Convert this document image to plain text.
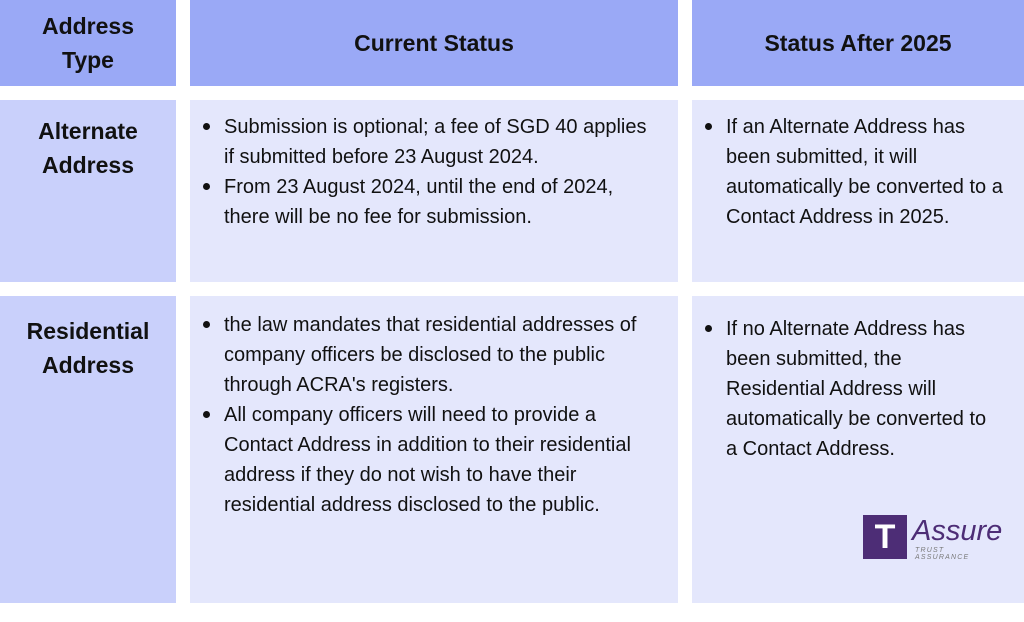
Address
Type
Current Status	Status After 2025
Alternate
Address
Submission is optional; a fee of SGD 40 applies if submitted before 23 August 2024.
From 23 August 2024, until the end of 2024, there will be no fee for submission.
If an Alternate Address has been submitted, it will automatically be converted to a Contact Address in 2025.
Residential
Address
the law mandates that residential addresses of company officers be disclosed to the public through ACRA's registers.
All company officers will need to provide a Contact Address in addition to their residential address if they do not wish to have their residential address disclosed to the public.
If no Alternate Address has been submitted, the Residential Address will automatically be converted to a Contact Address.
T Assure
TRUST ASSURANCE
